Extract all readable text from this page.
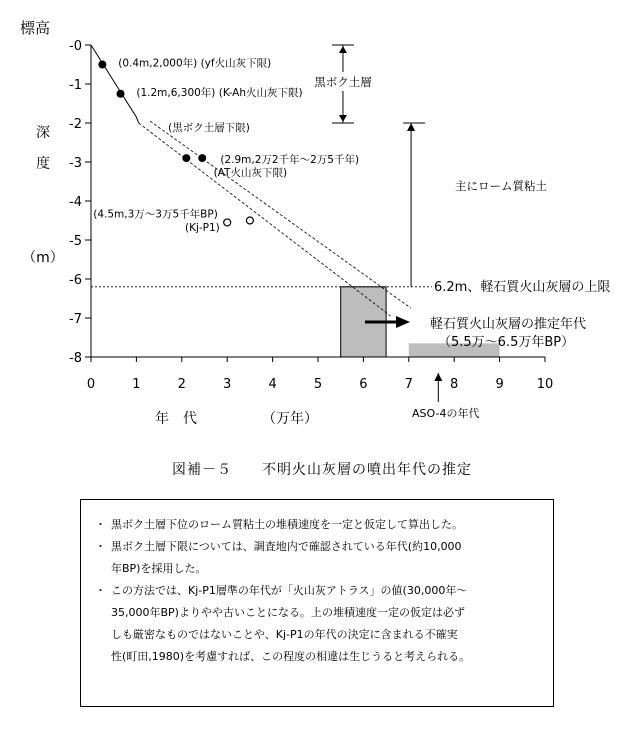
-0
-1
-2
-3
-4
-5
-6
-7
-8
0	1	2	3	4	5	6	7	8	9	10
(0.4m,2,000年) (yf火山灰下限)
(1.2m,6,300年) (K-Ah火山灰下限)
(黒ボク土層下限)
(2.9m,2万2千年～2万5千年)
(AT火山灰下限)
(4.5m,3万～3万5千年BP)
(Kj-P1)
標高
深
度
（m）
年　代	（万年）
黒ボク土層
主にローム質粘土
6.2m、軽石質火山灰層の上限
軽石質火山灰層の推定年代
（5.5万～6.5万年BP）
ASO-4の年代
図補－５　　不明火山灰層の噴出年代の推定
・ 黒ボク土層下位のローム質粘土の堆積速度を一定と仮定して算出した。
・ 黒ボク土層下限については、調査地内で確認されている年代(約10,000
年BP)を採用した。
・ この方法では、Kj-P1層準の年代が「火山灰アトラス」の値(30,000年～
35,000年BP)よりやや古いことになる。上の堆積速度一定の仮定は必ず
しも厳密なものではないことや、Kj-P1の年代の決定に含まれる不確実
性(町田,1980)を考慮すれば、この程度の相違は生じうると考えられる。
